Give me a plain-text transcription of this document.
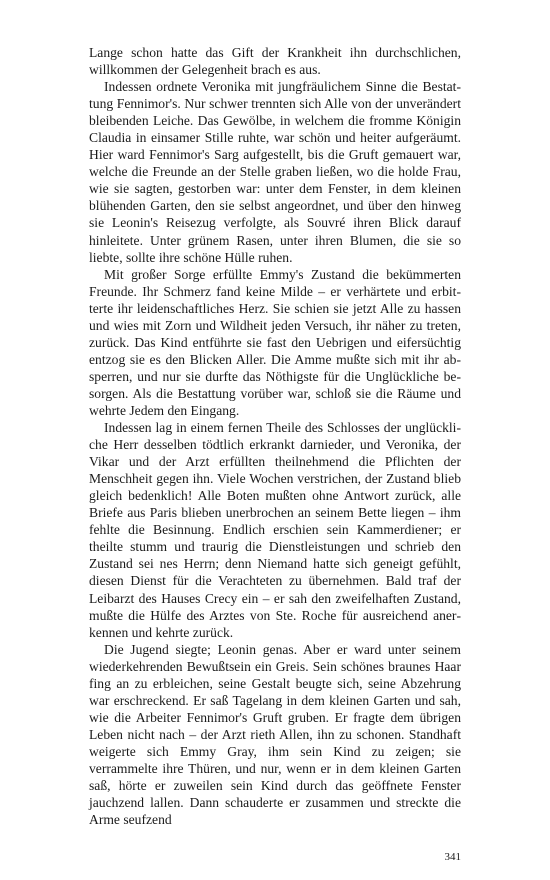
Lange schon hatte das Gift der Krankheit ihn durchschlichen, willkommen der Gelegenheit brach es aus.

Indessen ordnete Veronika mit jungfräulichem Sinne die Bestattung Fennimor's. Nur schwer trennten sich Alle von der unverändert bleibenden Leiche. Das Gewölbe, in welchem die fromme Königin Claudia in einsamer Stille ruhte, war schön und heiter aufgeräumt. Hier ward Fennimor's Sarg aufgestellt, bis die Gruft gemauert war, welche die Freunde an der Stelle graben ließen, wo die holde Frau, wie sie sagten, gestorben war: unter dem Fenster, in dem kleinen blühenden Garten, den sie selbst angeordnet, und über den hinweg sie Leonin's Reisezug verfolgte, als Souvré ihren Blick darauf hinleitete. Unter grünem Rasen, unter ihren Blumen, die sie so liebte, sollte ihre schöne Hülle ruhen.

Mit großer Sorge erfüllte Emmy's Zustand die bekümmerten Freunde. Ihr Schmerz fand keine Milde – er verhärtete und erbitterte ihr leidenschaftliches Herz. Sie schien sie jetzt Alle zu hassen und wies mit Zorn und Wildheit jeden Versuch, ihr näher zu treten, zurück. Das Kind entführte sie fast den Uebrigen und eifersüchtig entzog sie es den Blicken Aller. Die Amme mußte sich mit ihr absperren, und nur sie durfte das Nöthigste für die Unglückliche besorgen. Als die Bestattung vorüber war, schloß sie die Räume und wehrte Jedem den Eingang.

Indessen lag in einem fernen Theile des Schlosses der unglückliche Herr desselben tödtlich erkrankt darnieder, und Veronika, der Vikar und der Arzt erfüllten theilnehmend die Pflichten der Menschheit gegen ihn. Viele Wochen verstrichen, der Zustand blieb gleich bedenklich! Alle Boten mußten ohne Antwort zurück, alle Briefe aus Paris blieben unerbrochen an seinem Bette liegen – ihm fehlte die Besinnung. Endlich erschien sein Kammerdiener; er theilte stumm und traurig die Dienstleistungen und schrieb den Zustand sei nes Herrn; denn Niemand hatte sich geneigt gefühlt, diesen Dienst für die Verachteten zu übernehmen. Bald traf der Leibarzt des Hauses Crecy ein – er sah den zweifelhaften Zustand, mußte die Hülfe des Arztes von Ste. Roche für ausreichend anerkennen und kehrte zurück.

Die Jugend siegte; Leonin genas. Aber er ward unter seinem wiederkehrenden Bewußtsein ein Greis. Sein schönes braunes Haar fing an zu erbleichen, seine Gestalt beugte sich, seine Abzehrung war erschreckend. Er saß Tagelang in dem kleinen Garten und sah, wie die Arbeiter Fennimor's Gruft gruben. Er fragte dem übrigen Leben nicht nach – der Arzt rieth Allen, ihn zu schonen. Standhaft weigerte sich Emmy Gray, ihm sein Kind zu zeigen; sie verrammelte ihre Thüren, und nur, wenn er in dem kleinen Garten saß, hörte er zuweilen sein Kind durch das geöffnete Fenster jauchzend lallen. Dann schauderte er zusammen und streckte die Arme seufzend

341
